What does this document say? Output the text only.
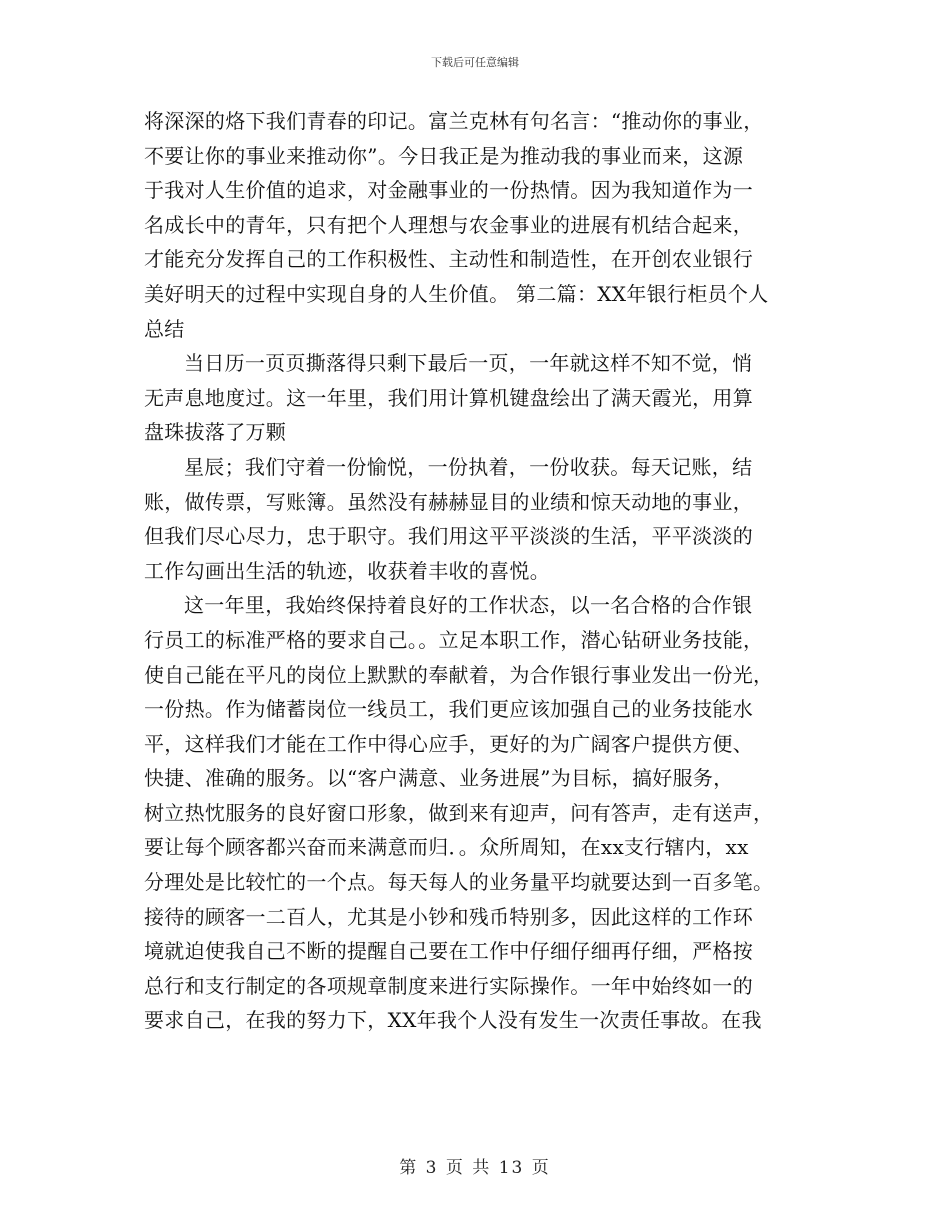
下载后可任意编辑

将深深的烙下我们青春的印记。富兰克林有句名言：“推动你的事业，
不要让你的事业来推动你”。今日我正是为推动我的事业而来，这源
于我对人生价值的追求，对金融事业的一份热情。因为我知道作为一
名成长中的青年，只有把个人理想与农金事业的进展有机结合起来，
才能充分发挥自己的工作积极性、主动性和制造性，在开创农业银行
美好明天的过程中实现自身的人生价值。 第二篇：XX年银行柜员个人
总结

当日历一页页撕落得只剩下最后一页，一年就这样不知不觉，悄
无声息地度过。这一年里，我们用计算机键盘绘出了满天霞光，用算
盘珠拔落了万颗

星辰；我们守着一份愉悦，一份执着，一份收获。每天记账，结
账，做传票，写账簿。虽然没有赫赫显目的业绩和惊天动地的事业，
但我们尽心尽力，忠于职守。我们用这平平淡淡的生活，平平淡淡的
工作勾画出生活的轨迹，收获着丰收的喜悦。

这一年里，我始终保持着良好的工作状态，以一名合格的合作银
行员工的标准严格的要求自己。。立足本职工作，潜心钻研业务技能，
使自己能在平凡的岗位上默默的奉献着，为合作银行事业发出一份光，
一份热。作为储蓄岗位一线员工，我们更应该加强自己的业务技能水
平，这样我们才能在工作中得心应手，更好的为广阔客户提供方便、
快捷、准确的服务。以“客户满意、业务进展”为目标，搞好服务，
树立热忱服务的良好窗口形象，做到来有迎声，问有答声，走有送声，
要让每个顾客都兴奋而来满意而归．。众所周知，在xx支行辖内，xx
分理处是比较忙的一个点。每天每人的业务量平均就要达到一百多笔。
接待的顾客一二百人，尤其是小钞和残币特别多，因此这样的工作环
境就迫使我自己不断的提醒自己要在工作中仔细仔细再仔细，严格按
总行和支行制定的各项规章制度来进行实际操作。一年中始终如一的
要求自己，在我的努力下，XX年我个人没有发生一次责任事故。在我

第 3 页 共 13 页
